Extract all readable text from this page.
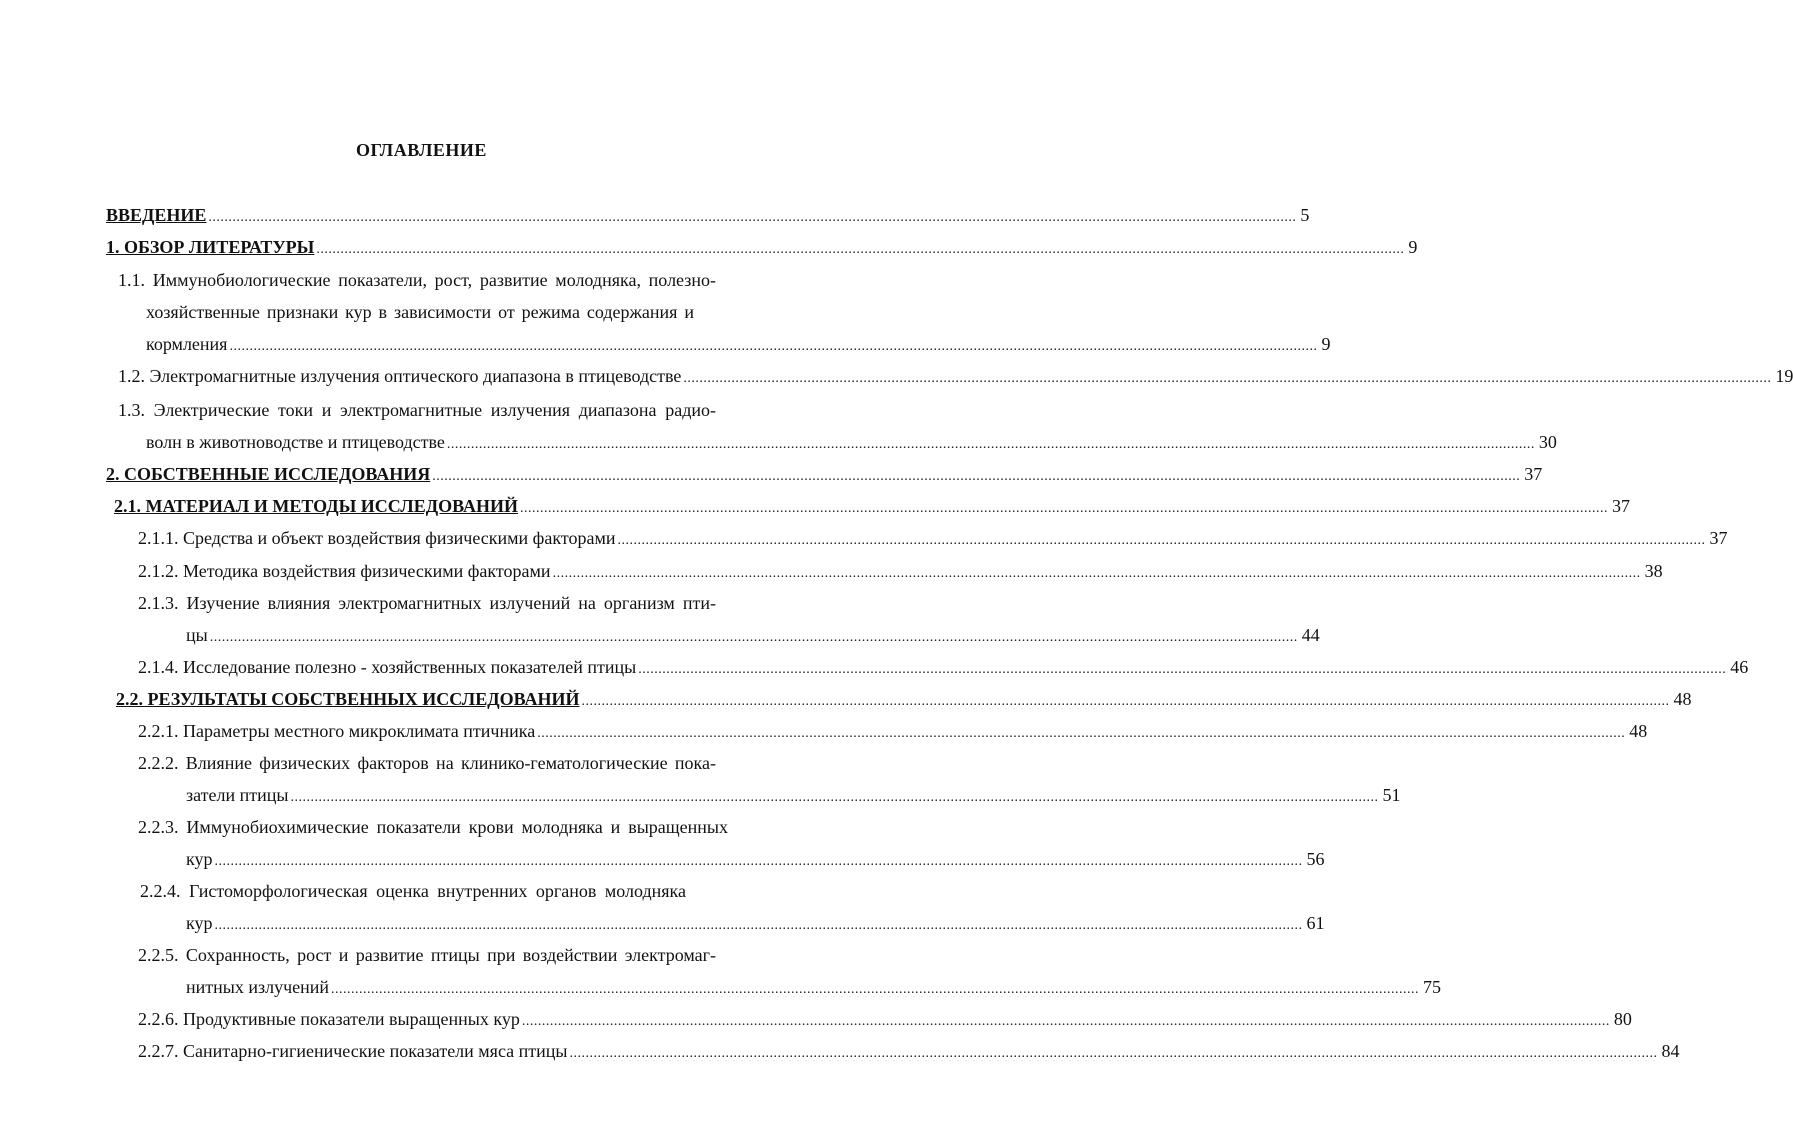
ОГЛАВЛЕНИЕ
ВВЕДЕНИЕ ................................................................................................................................................................................................................................................................................ 5
1. ОБЗОР ЛИТЕРАТУРЫ ................................................................................................................................................................................................................................................................................ 9
1.1. Иммунобиологические показатели, рост, развитие молодняка, полезно-
хозяйственные признаки кур в зависимости от режима содержания и
кормления ................................................................................................................................................................................................................................................................................ 9
1.2. Электромагнитные излучения оптического диапазона в птицеводстве ................................................................................................................................................................................................................................................................................ 19
1.3. Электрические токи и электромагнитные излучения диапазона радио-
волн в животноводстве и птицеводстве ................................................................................................................................................................................................................................................................................ 30
2. СОБСТВЕННЫЕ ИССЛЕДОВАНИЯ ................................................................................................................................................................................................................................................................................ 37
2.1. МАТЕРИАЛ И МЕТОДЫ ИССЛЕДОВАНИЙ ................................................................................................................................................................................................................................................................................ 37
2.1.1. Средства и объект воздействия физическими факторами ................................................................................................................................................................................................................................................................................ 37
2.1.2. Методика воздействия физическими факторами ................................................................................................................................................................................................................................................................................ 38
2.1.3. Изучение влияния электромагнитных излучений на организм пти-
цы ................................................................................................................................................................................................................................................................................ 44
2.1.4. Исследование полезно - хозяйственных показателей птицы ................................................................................................................................................................................................................................................................................ 46
2.2. РЕЗУЛЬТАТЫ СОБСТВЕННЫХ ИССЛЕДОВАНИЙ ................................................................................................................................................................................................................................................................................ 48
2.2.1. Параметры местного микроклимата птичника ................................................................................................................................................................................................................................................................................ 48
2.2.2. Влияние физических факторов на клинико-гематологические пока-
затели птицы ................................................................................................................................................................................................................................................................................ 51
2.2.3. Иммунобиохимические показатели крови молодняка и выращенных
кур ................................................................................................................................................................................................................................................................................ 56
2.2.4. Гистоморфологическая оценка внутренних органов молодняка
кур ................................................................................................................................................................................................................................................................................ 61
2.2.5. Сохранность, рост и развитие птицы при воздействии электромаг-
нитных излучений ................................................................................................................................................................................................................................................................................ 75
2.2.6. Продуктивные показатели выращенных кур ................................................................................................................................................................................................................................................................................ 80
2.2.7. Санитарно-гигиенические показатели мяса птицы ................................................................................................................................................................................................................................................................................ 84
